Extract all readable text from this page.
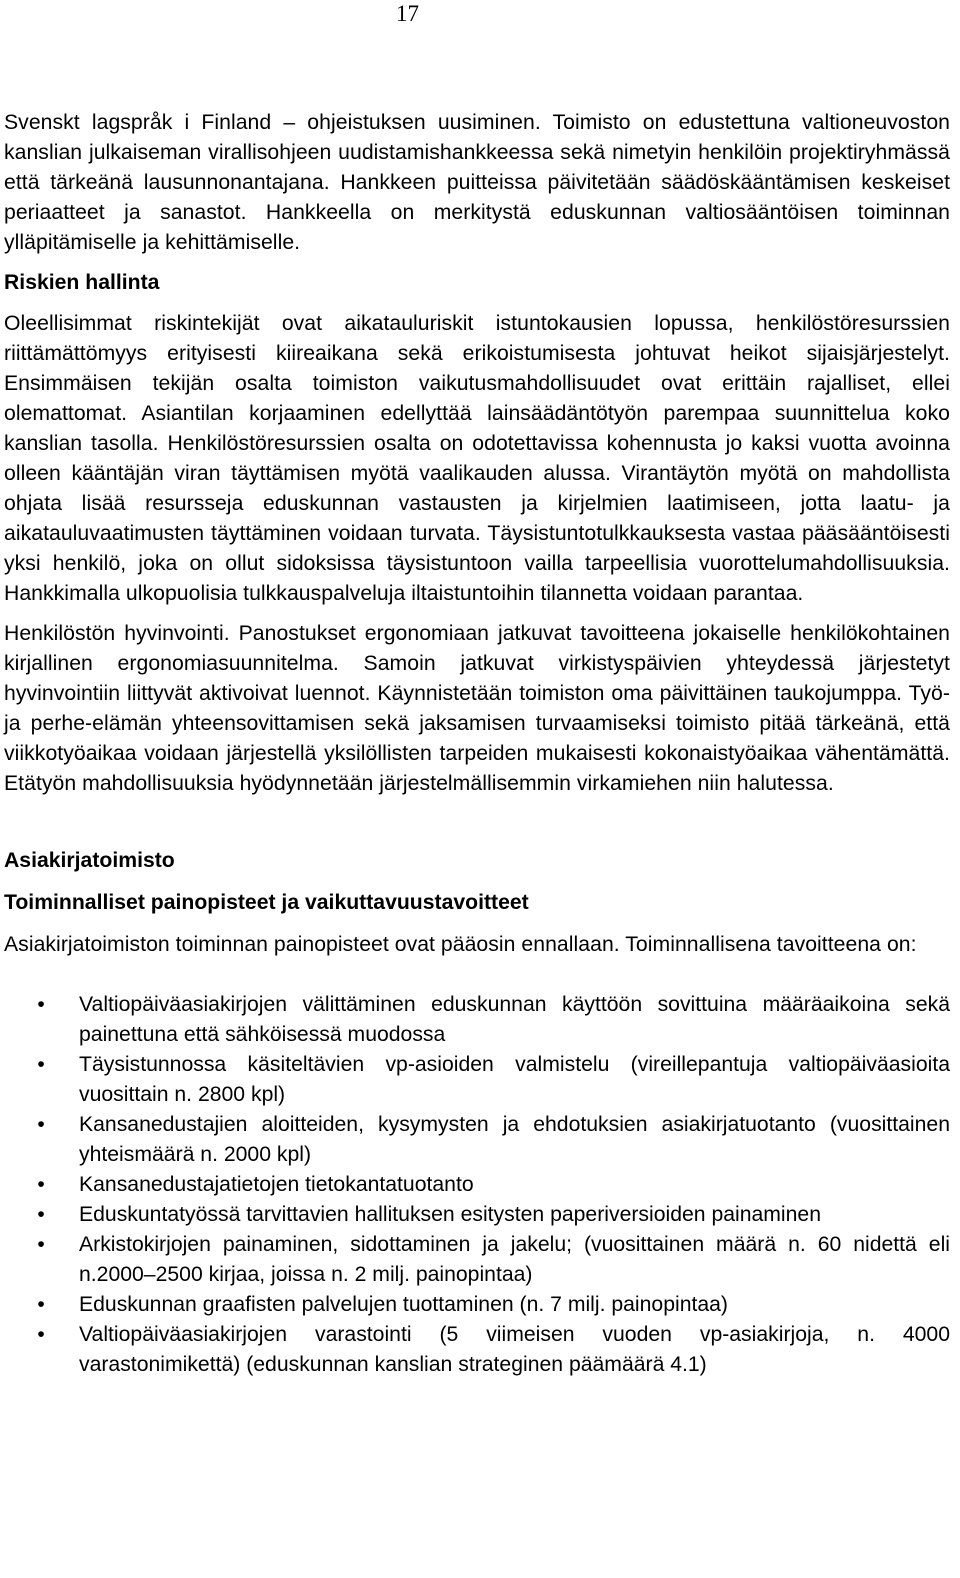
17

Svenskt lagspråk i Finland – ohjeistuksen uusiminen. Toimisto on edustettuna valtioneuvoston kanslian julkaiseman virallisohjeen uudistamishankkeessa sekä nimetyin henkilöin projektiryhmässä että tärkeänä lausunnonantajana. Hankkeen puitteissa päivitetään säädöskääntämisen keskeiset periaatteet ja sanastot. Hankkeella on merkitystä eduskunnan valtiosääntöisen toiminnan ylläpitämiselle ja kehittämiselle.

Riskien hallinta

Oleellisimmat riskintekijät ovat aikatauluriskit istuntokausien lopussa, henkilöstöresurssien riittämättömyys erityisesti kiireaikana sekä erikoistumisesta johtuvat heikot sijaisjärjestelyt. Ensimmäisen tekijän osalta toimiston vaikutusmahdollisuudet ovat erittäin rajalliset, ellei olemattomat. Asiantilan korjaaminen edellyttää lainsäädäntötyön parempaa suunnittelua koko kanslian tasolla. Henkilöstöresurssien osalta on odotettavissa kohennusta jo kaksi vuotta avoinna olleen kääntäjän viran täyttämisen myötä vaalikauden alussa. Virantäytön myötä on mahdollista ohjata lisää resursseja eduskunnan vastausten ja kirjelmien laatimiseen, jotta laatu- ja aikatauluvaatimusten täyttäminen voidaan turvata. Täysistuntotulkkauksesta vastaa pääsääntöisesti yksi henkilö, joka on ollut sidoksissa täysistuntoon vailla tarpeellisia vuorottelumahdollisuuksia. Hankkimalla ulkopuolisia tulkkauspalveluja iltaistuntoihin tilannetta voidaan parantaa.

Henkilöstön hyvinvointi. Panostukset ergonomiaan jatkuvat tavoitteena jokaiselle henkilökohtainen kirjallinen ergonomiasuunnitelma. Samoin jatkuvat virkistyspäivien yhteydessä järjestetyt hyvinvointiin liittyvät aktivoivat luennot. Käynnistetään toimiston oma päivittäinen taukojumppa. Työ- ja perhe-elämän yhteensovittamisen sekä jaksamisen turvaamiseksi toimisto pitää tärkeänä, että viikkotyöaikaa voidaan järjestellä yksilöllisten tarpeiden mukaisesti kokonaistyöaikaa vähentämättä. Etätyön mahdollisuuksia hyödynnetään järjestelmällisemmin virkamiehen niin halutessa.

Asiakirjatoimisto
Toiminnalliset painopisteet ja vaikuttavuustavoitteet

Asiakirjatoimiston toiminnan painopisteet ovat pääosin ennallaan. Toiminnallisena tavoitteena on:

• Valtiopäiväasiakirjojen välittäminen eduskunnan käyttöön sovittuina määräaikoina sekä painettuna että sähköisessä muodossa
• Täysistunnossa käsiteltävien vp-asioiden valmistelu (vireillepantuja valtiopäiväasioita vuosittain n. 2800 kpl)
• Kansanedustajien aloitteiden, kysymysten ja ehdotuksien asiakirjatuotanto (vuosittainen yhteismäärä n. 2000 kpl)
• Kansanedustajatietojen tietokantatuotanto
• Eduskuntatyössä tarvittavien hallituksen esitysten paperiversioiden painaminen
• Arkistokirjojen painaminen, sidottaminen ja jakelu; (vuosittainen määrä n. 60 nidettä eli n.2000–2500 kirjaa, joissa n. 2 milj. painopintaa)
• Eduskunnan graafisten palvelujen tuottaminen (n. 7 milj. painopintaa)
• Valtiopäiväasiakirjojen varastointi (5 viimeisen vuoden vp-asiakirjoja, n. 4000 varastonimikettä) (eduskunnan kanslian strateginen päämäärä 4.1)
